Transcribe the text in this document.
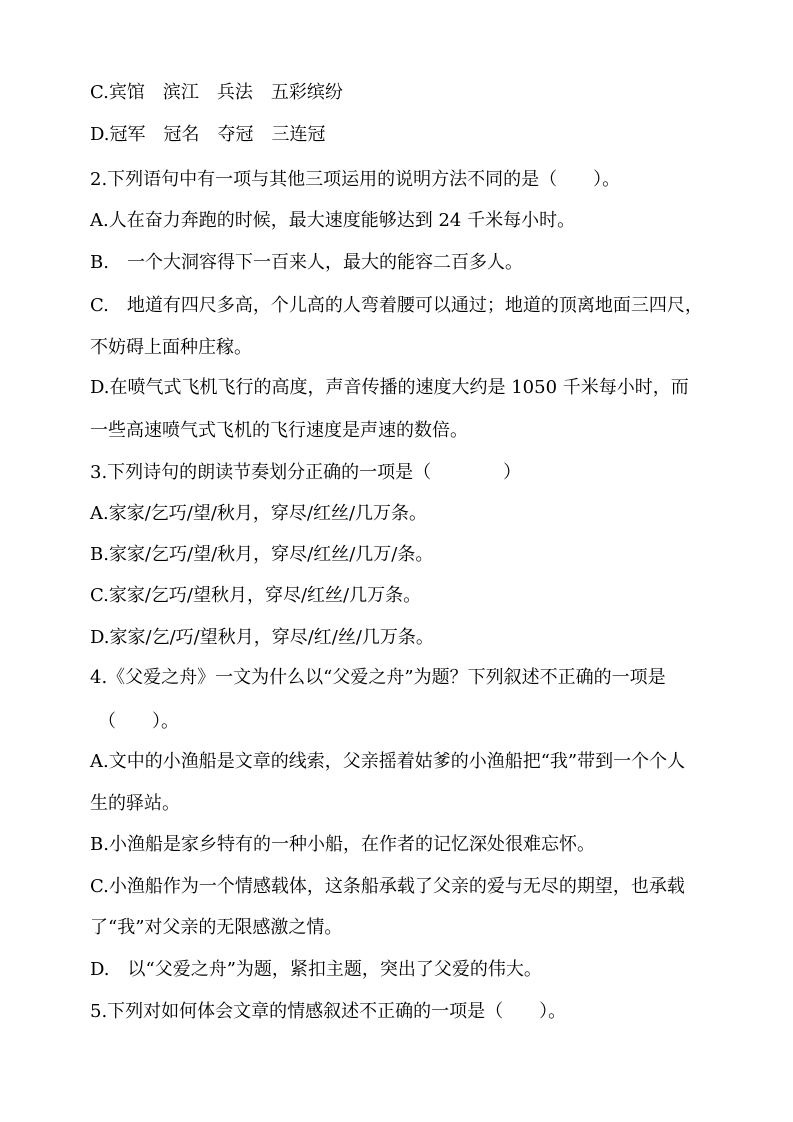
C.宾馆　滨江　兵法　五彩缤纷
D.冠军　冠名　夺冠　三连冠
2.下列语句中有一项与其他三项运用的说明方法不同的是（　　）。
A.人在奋力奔跑的时候，最大速度能够达到 24 千米每小时。
B.　一个大洞容得下一百来人，最大的能容二百多人。
C.　地道有四尺多高，个儿高的人弯着腰可以通过；地道的顶离地面三四尺，
不妨碍上面种庄稼。
D.在喷气式飞机飞行的高度，声音传播的速度大约是 1050 千米每小时，而
一些高速喷气式飞机的飞行速度是声速的数倍。
3.下列诗句的朗读节奏划分正确的一项是（　　　　）
A.家家/乞巧/望/秋月，穿尽/红丝/几万条。
B.家家/乞巧/望/秋月，穿尽/红丝/几万/条。
C.家家/乞巧/望秋月，穿尽/红丝/几万条。
D.家家/乞/巧/望秋月，穿尽/红/丝/几万条。
4.《父爱之舟》一文为什么以“父爱之舟”为题？下列叙述不正确的一项是
（　　）。
A.文中的小渔船是文章的线索，父亲摇着姑爹的小渔船把“我”带到一个个人
生的驿站。
B.小渔船是家乡特有的一种小船，在作者的记忆深处很难忘怀。
C.小渔船作为一个情感载体，这条船承载了父亲的爱与无尽的期望，也承载
了“我”对父亲的无限感激之情。
D.　以“父爱之舟”为题，紧扣主题，突出了父爱的伟大。
5.下列对如何体会文章的情感叙述不正确的一项是（　　）。
